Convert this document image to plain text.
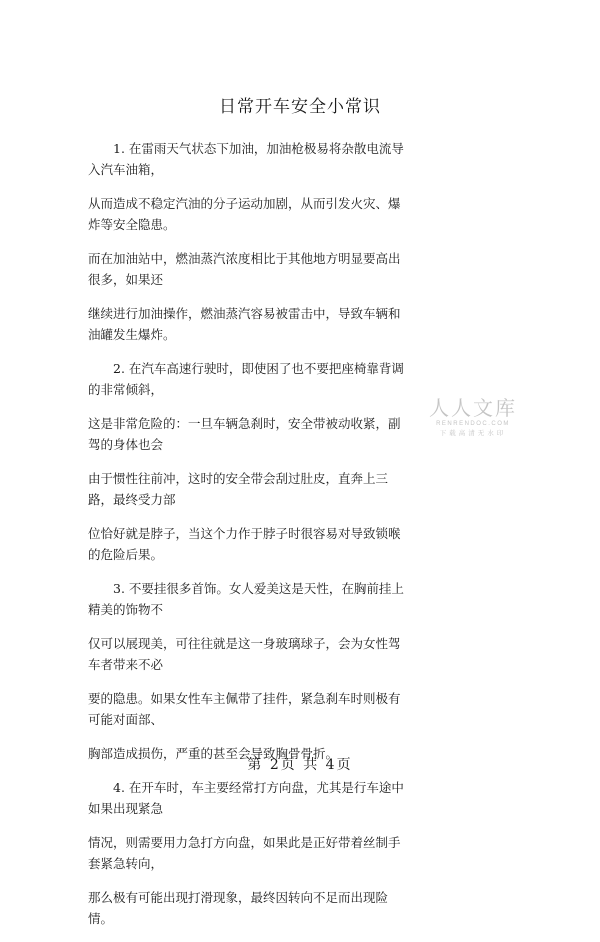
日常开车安全小常识

1. 在雷雨天气状态下加油，加油枪极易将杂散电流导入汽车油箱，

从而造成不稳定汽油的分子运动加剧，从而引发火灾、爆炸等安全隐患。

而在加油站中，燃油蒸汽浓度相比于其他地方明显要高出很多，如果还

继续进行加油操作，燃油蒸汽容易被雷击中，导致车辆和油罐发生爆炸。

2. 在汽车高速行驶时，即使困了也不要把座椅靠背调的非常倾斜，

这是非常危险的：一旦车辆急刹时，安全带被动收紧，副驾的身体也会

由于惯性往前冲，这时的安全带会刮过肚皮，直奔上三路，最终受力部

位恰好就是脖子，当这个力作于脖子时很容易对导致锁喉的危险后果。

3. 不要挂很多首饰。女人爱美这是天性，在胸前挂上精美的饰物不

仅可以展现美，可往往就是这一身玻璃球子，会为女性驾车者带来不必

要的隐患。如果女性车主佩带了挂件，紧急刹车时则极有可能对面部、

胸部造成损伤，严重的甚至会导致胸骨骨折。

4. 在开车时，车主要经常打方向盘，尤其是行车途中如果出现紧急

情况，则需要用力急打方向盘，如果此是正好带着丝制手套紧急转向，

那么极有可能出现打滑现象，最终因转向不足而出现险情。

人人文库
RENRENDOC.COM
下载高清无水印
第 2页 共 4页
